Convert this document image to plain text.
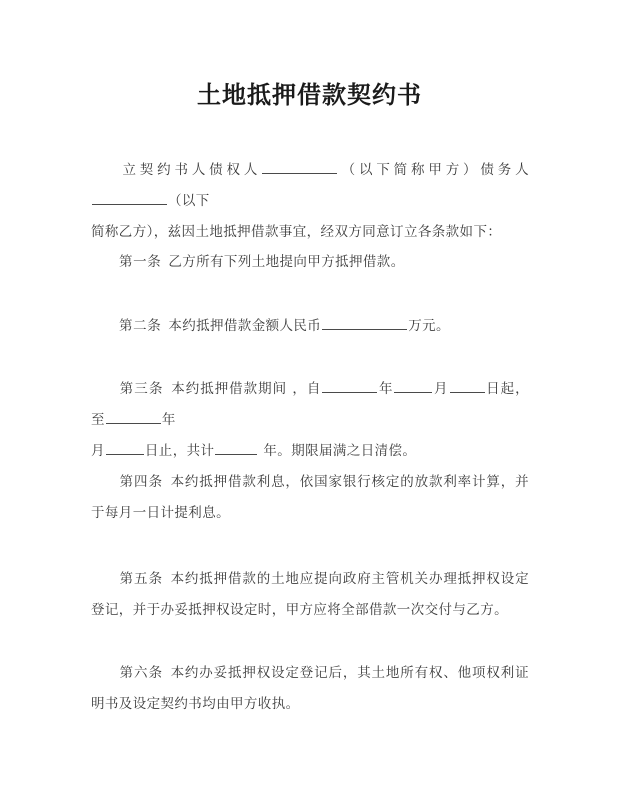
土地抵押借款契约书

立契约书人债权人	（以下简称甲方）债务人（以下
简称乙方），兹因土地抵押借款事宜，经双方同意订立各条款如下：

第一条 乙方所有下列土地提向甲方抵押借款。

第二条 本约抵押借款金额人民币	万元。

第三条 本约抵押借款期间 ，自	年	月	日起，至	年
月	日止，共计	年。期限届满之日清偿。

第四条 本约抵押借款利息，依国家银行核定的放款利率计算，并于每月一日计提利息。

第五条 本约抵押借款的土地应提向政府主管机关办理抵押权设定登记，并于办妥抵押权设定时，甲方应将全部借款一次交付与乙方。

第六条 本约办妥抵押权设定登记后，其土地所有权、他项权利证明书及设定契约书均由甲方收执。
